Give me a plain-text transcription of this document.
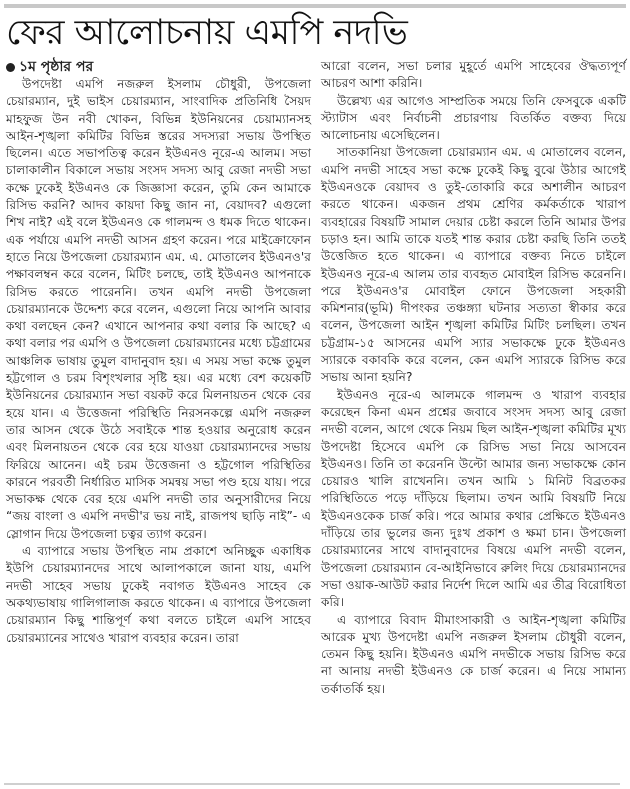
ফের আলোচনায় এমপি নদভি
১ম পৃষ্ঠার পর

উপদেষ্টা এমপি নজরুল ইসলাম চৌধুরী, উপজেলা চেয়ারম্যান, দুই ভাইস চেয়ারম্যান, সাংবাদিক প্রতিনিধি সৈয়দ মাহফুজ উন নবী খোকন, বিভিন্ন ইউনিয়নের চেয়াম্যানসহ আইন-শৃঙ্খলা কমিটির বিভিন্ন স্তরের সদস্যরা সভায় উপস্থিত ছিলেন। এতে সভাপতিত্ব করেন ইউএনও নূরে-এ আলম। সভা চালাকালীন বিকালে সভায় সংসদ সদস্য আবু রেজা নদভী সভা কক্ষে ঢুকেই ইউএনও কে জিজ্ঞাসা করেন, তুমি কেন আমাকে রিসিভ করনি? আদব কায়দা কিছু জান না, বেয়াদব? এগুলো শিখ নাই? এই বলে ইউএনও কে গালমন্দ ও ধমক দিতে থাকেন। এক পর্যায়ে এমপি নদভী আসন গ্রহণ করেন। পরে মাইক্রোফোন হাতে নিয়ে উপজেলা চেয়ারম্যান এম. এ. মোতালেব ইউএনও'র পক্ষাবলম্বন করে বলেন, মিটিং চলছে, তাই ইউএনও আপনাকে রিসিভ করতে পারেননি। তখন এমপি নদভী উপজেলা চেয়ারম্যানকে উদ্দেশ্য করে বলেন, এগুলো নিয়ে আপনি আবার কথা বলছেন কেন? এখানে আপনার কথা বলার কি আছে? এ কথা বলার পর এমপি ও উপজেলা চেয়ারম্যানের মধ্যে চট্টগ্রামের আঞ্চলিক ভাষায় তুমুল বাদানুবাদ হয়। এ সময় সভা কক্ষে তুমুল হট্টগোল ও চরম বিশৃংখলার সৃষ্টি হয়। এর মধ্যে বেশ কয়েকটি ইউনিয়নের চেয়ারম্যান সভা বয়কট করে মিলনায়তন থেকে বের হয়ে যান। এ উত্তেজনা পরিস্থিতি নিরসনকল্পে এমপি নজরুল তার আসন থেকে উঠে সবাইকে শান্ত হওয়ার অনুরোধ করেন এবং মিলনায়তন থেকে বের হয়ে যাওয়া চেয়ারম্যানদের সভায় ফিরিয়ে আনেন। এই চরম উত্তেজনা ও হট্টগোল পরিস্থিতির কারনে পরবর্তী নির্ধারিত মাসিক সমন্বয় সভা পণ্ড হয়ে যায়। পরে সভাকক্ষ থেকে বের হয়ে এমপি নদভী তার অনুসারীদের নিয়ে “জয় বাংলা ও এমপি নদভী'র ভয় নাই, রাজপথ ছাড়ি নাই”- এ স্লোগান দিয়ে উপজেলা চত্বর ত্যাগ করেন।

এ ব্যাপারে সভায় উপস্থিত নাম প্রকাশে অনিচ্ছুক একাধিক ইউপি চেয়ারম্যানদের সাথে আলাপকালে জানা যায়, এমপি নদভী সাহেব সভায় ঢুকেই নবাগত ইউএনও সাহেব কে অকথ্যভাষায় গালিগালাজ করতে থাকেন। এ ব্যাপারে উপজেলা চেয়ারম্যান কিছু শান্তিপূর্ণ কথা বলতে চাইলে এমপি সাহেব চেয়ারম্যানের সাথেও খারাপ ব্যবহার করেন। তারা

আরো বলেন, সভা চলার মুহূর্তে এমপি সাহেবের ঔদ্ধত্যপূর্ণ আচরণ আশা করিনি।

উল্লেখ্য এর আগেও সাম্প্রতিক সময়ে তিনি ফেসবুকে একটি স্ট্যাটাস এবং নির্বাচনী প্রচারণায় বিতর্কিত বক্তব্য দিয়ে আলোচনায় এসেছিলেন।

সাতকানিয়া উপজেলা চেয়ারম্যান এম. এ মোতালেব বলেন, এমপি নদভী সাহেব সভা কক্ষে ঢুকেই কিছু বুঝে উঠার আগেই ইউএনওকে বেয়াদব ও তুই-তোকারি করে অশালীন আচরণ করতে থাকেন। একজন প্রথম শ্রেণির কর্মকর্তাকে খারাপ ব্যবহারের বিষয়টি সামাল দেয়ার চেষ্টা করলে তিনি আমার উপর চড়াও হন। আমি তাকে যতই শান্ত করার চেষ্টা করছি তিনি ততই উত্তেজিত হতে থাকেন। এ ব্যাপারে বক্তব্য নিতে চাইলে ইউএনও নূরে-এ আলম তার ব্যবহৃত মোবাইল রিসিভ করেননি। পরে ইউএনও'র মোবাইল ফোনে উপজেলা সহকারী কমিশনার(ভূমি) দীপংকর তঞ্চঙ্গ্যা ঘটনার সত্যতা স্বীকার করে বলেন, উপজেলা আইন শৃঙ্খলা কমিটির মিটিং চলছিল। তখন চট্টগ্রাম-১৫ আসনের এমপি স্যার সভাকক্ষে ঢুকে ইউএনও স্যারকে বকাবকি করে বলেন, কেন এমপি স্যারকে রিসিভ করে সভায় আনা হয়নি?

ইউএনও নূরে-এ আলমকে গালমন্দ ও খারাপ ব্যবহার করেছেন কিনা এমন প্রশ্নের জবাবে সংসদ সদস্য আবু রেজা নদভী বলেন, আগে থেকে নিয়ম ছিল আইন-শৃঙ্খলা কমিটির মূখ্য উপদেষ্টা হিসেবে এমপি কে রিসিভ সভা নিয়ে আসবেন ইউএনও। তিনি তা করেননি উল্টো আমার জন্য সভাকক্ষে কোন চেয়ারও খালি রাখেননি। তখন আমি ১ মিনিট বিব্রতকর পরিস্থিতিতে পড়ে দাঁড়িয়ে ছিলাম। তখন আমি বিষয়টি নিয়ে ইউএনওকেক চার্জ করি। পরে আমার কথার প্রেক্ষিতে ইউএনও দাঁড়িয়ে তার ভুলের জন্য দুঃখ প্রকাশ ও ক্ষমা চান। উপজেলা চেয়ারম্যানের সাথে বাদানুবাদের বিষয়ে এমপি নদভী বলেন, উপজেলা চেয়ারম্যান বে-আইনিভাবে রুলিং দিয়ে চেয়ারম্যানদের সভা ওয়াক-আউট করার নির্দেশ দিলে আমি এর তীব্র বিরোধিতা করি।

এ ব্যাপারে বিবাদ মীমাংসাকারী ও আইন-শৃঙ্খলা কমিটির আরেক মুখ্য উপদেষ্টা এমপি নজরুল ইসলাম চৌধুরী বলেন, তেমন কিছু হয়নি। ইউএনও এমপি নদভীকে সভায় রিসিভ করে না আনায় নদভী ইউএনও কে চার্জ করেন। এ নিয়ে সামান্য তর্কাতর্কি হয়।
